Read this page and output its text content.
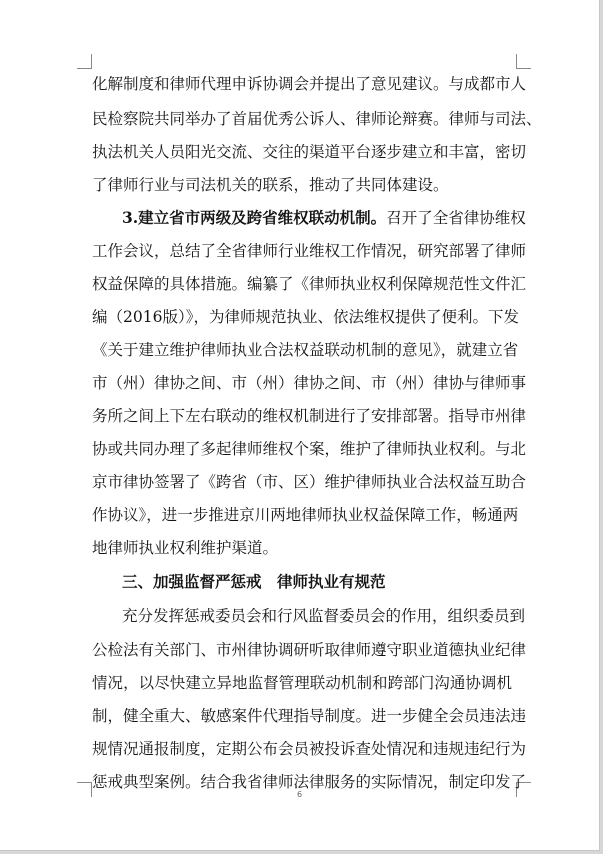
化解制度和律师代理申诉协调会并提出了意见建议。与成都市人
民检察院共同举办了首届优秀公诉人、律师论辩赛。律师与司法、
执法机关人员阳光交流、交往的渠道平台逐步建立和丰富，密切
了律师行业与司法机关的联系，推动了共同体建设。
3.建立省市两级及跨省维权联动机制。召开了全省律协维权
工作会议，总结了全省律师行业维权工作情况，研究部署了律师
权益保障的具体措施。编纂了《律师执业权利保障规范性文件汇
编（2016版）》，为律师规范执业、依法维权提供了便利。下发
《关于建立维护律师执业合法权益联动机制的意见》，就建立省
市（州）律协之间、市（州）律协之间、市（州）律协与律师事
务所之间上下左右联动的维权机制进行了安排部署。指导市州律
协或共同办理了多起律师维权个案，维护了律师执业权利。与北
京市律协签署了《跨省（市、区）维护律师执业合法权益互助合
作协议》，进一步推进京川两地律师执业权益保障工作，畅通两
地律师执业权利维护渠道。
三、加强监督严惩戒　律师执业有规范
充分发挥惩戒委员会和行风监督委员会的作用，组织委员到
公检法有关部门、市州律协调研听取律师遵守职业道德执业纪律
情况，以尽快建立异地监督管理联动机制和跨部门沟通协调机
制，健全重大、敏感案件代理指导制度。进一步健全会员违法违
规情况通报制度，定期公布会员被投诉查处情况和违规违纪行为
惩戒典型案例。结合我省律师法律服务的实际情况，制定印发了
6
